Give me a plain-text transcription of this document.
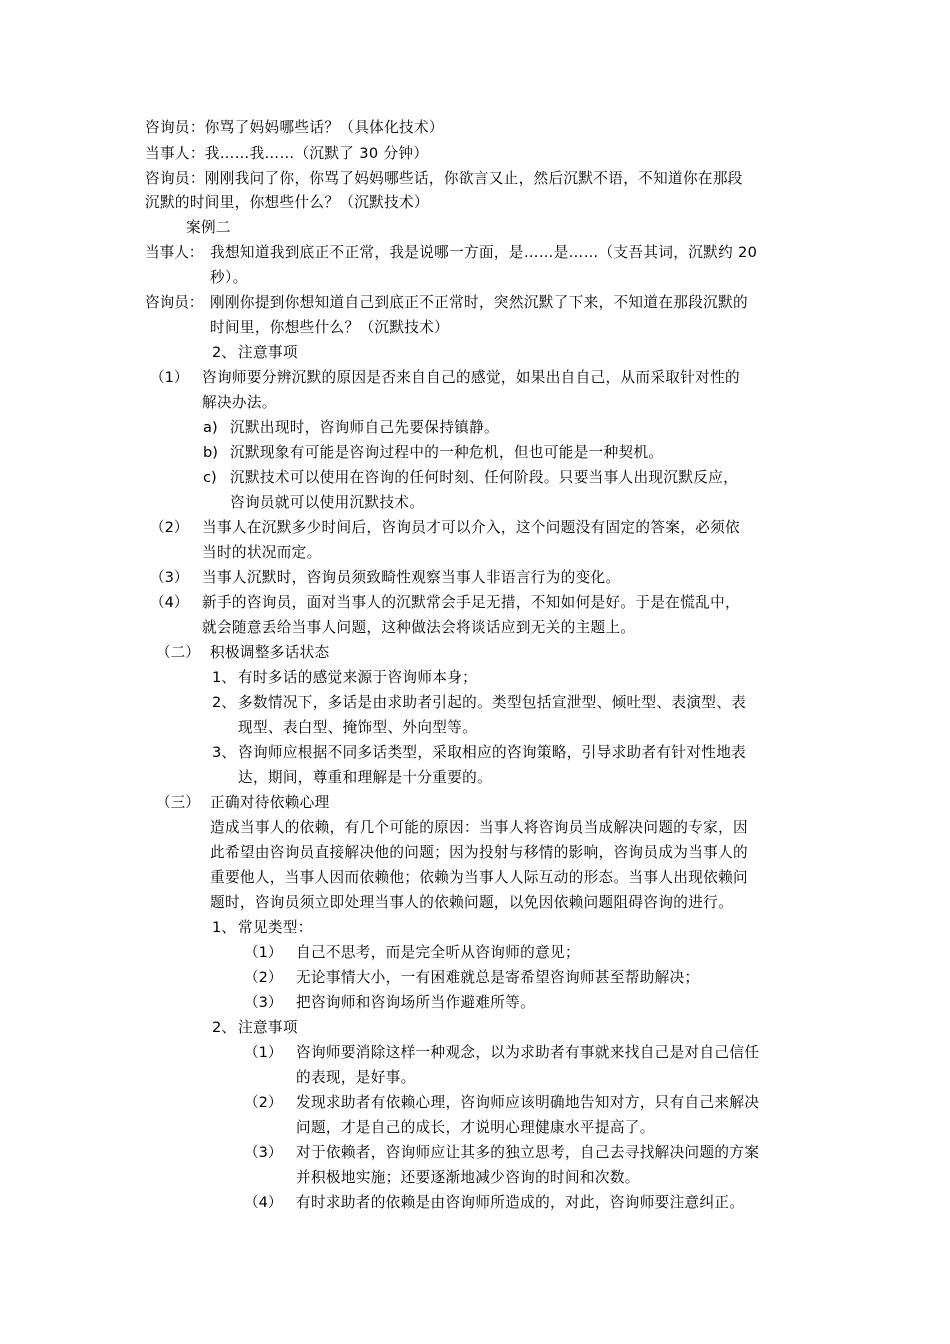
咨询员：你骂了妈妈哪些话？（具体化技术）
当事人：我……我……（沉默了 30 分钟）
咨询员：刚刚我问了你，你骂了妈妈哪些话，你欲言又止，然后沉默不语，不知道你在那段
沉默的时间里，你想些什么？（沉默技术）
案例二
当事人： 我想知道我到底正不正常，我是说哪一方面，是……是……（支吾其词，沉默约 20
秒）。
咨询员： 刚刚你提到你想知道自己到底正不正常时，突然沉默了下来，不知道在那段沉默的
时间里，你想些什么？（沉默技术）
2、 注意事项
（1） 咨询师要分辨沉默的原因是否来自自己的感觉，如果出自自己，从而采取针对性的
解决办法。
a) 沉默出现时，咨询师自己先要保持镇静。
b) 沉默现象有可能是咨询过程中的一种危机，但也可能是一种契机。
c) 沉默技术可以使用在咨询的任何时刻、任何阶段。只要当事人出现沉默反应，
咨询员就可以使用沉默技术。
（2） 当事人在沉默多少时间后，咨询员才可以介入，这个问题没有固定的答案，必须依
当时的状况而定。
（3） 当事人沉默时，咨询员须致畸性观察当事人非语言行为的变化。
（4） 新手的咨询员，面对当事人的沉默常会手足无措，不知如何是好。于是在慌乱中，
就会随意丢给当事人问题，这种做法会将谈话应到无关的主题上。
（二） 积极调整多话状态
1、 有时多话的感觉来源于咨询师本身；
2、 多数情况下，多话是由求助者引起的。类型包括宣泄型、倾吐型、表演型、表
现型、表白型、掩饰型、外向型等。
3、 咨询师应根据不同多话类型，采取相应的咨询策略，引导求助者有针对性地表
达，期间，尊重和理解是十分重要的。
（三） 正确对待依赖心理
造成当事人的依赖，有几个可能的原因：当事人将咨询员当成解决问题的专家，因
此希望由咨询员直接解决他的问题；因为投射与移情的影响，咨询员成为当事人的
重要他人，当事人因而依赖他；依赖为当事人人际互动的形态。当事人出现依赖问
题时，咨询员须立即处理当事人的依赖问题，以免因依赖问题阻碍咨询的进行。
1、 常见类型：
（1） 自己不思考，而是完全听从咨询师的意见；
（2） 无论事情大小，一有困难就总是寄希望咨询师甚至帮助解决；
（3） 把咨询师和咨询场所当作避难所等。
2、 注意事项
（1） 咨询师要消除这样一种观念，以为求助者有事就来找自己是对自己信任
的表现，是好事。
（2） 发现求助者有依赖心理，咨询师应该明确地告知对方，只有自己来解决
问题，才是自己的成长，才说明心理健康水平提高了。
（3） 对于依赖者，咨询师应让其多的独立思考，自己去寻找解决问题的方案
并积极地实施；还要逐渐地减少咨询的时间和次数。
（4） 有时求助者的依赖是由咨询师所造成的，对此，咨询师要注意纠正。
